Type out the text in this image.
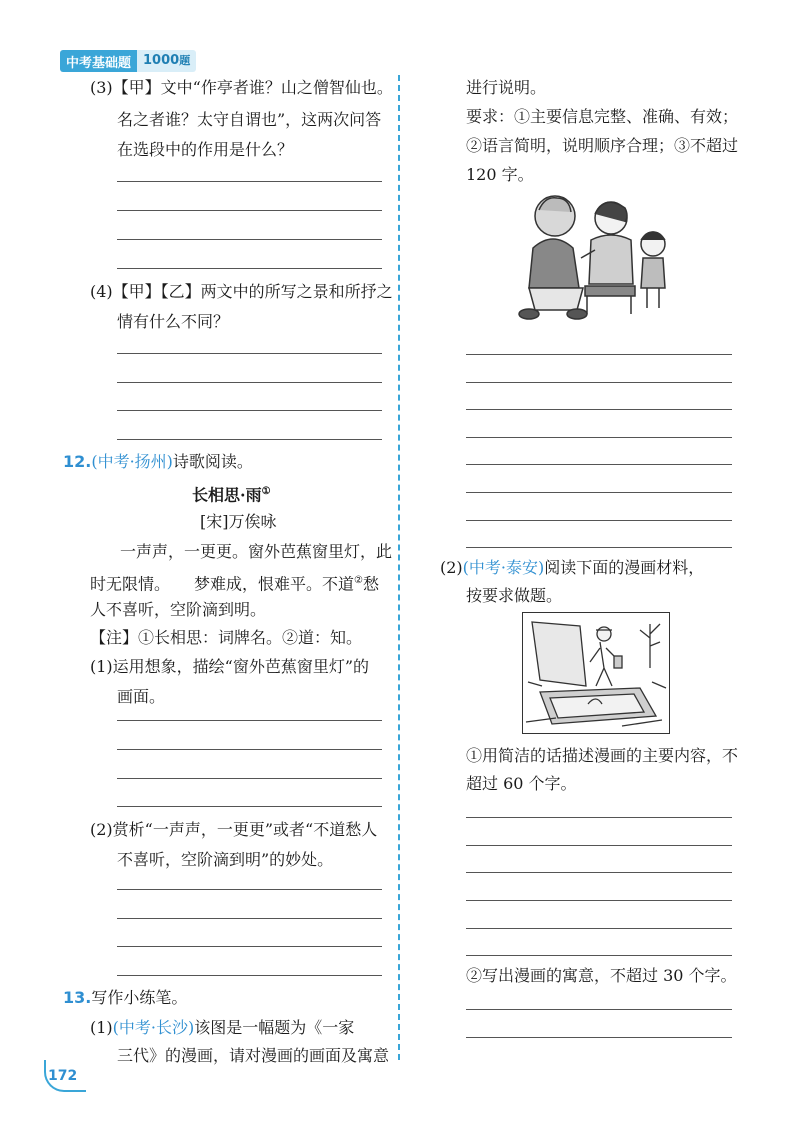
中考基础题 1000题
(3)【甲】文中“作亭者谁？山之僧智仙也。
名之者谁？太守自谓也”，这两次问答
在选段中的作用是什么？
(4)【甲】【乙】两文中的所写之景和所抒之
情有什么不同？
12.(中考·扬州)诗歌阅读。
长相思·雨①
[宋]万俟咏
一声声，一更更。窗外芭蕉窗里灯，此
时无限情。 梦难成，恨难平。不道②愁
人不喜听，空阶滴到明。
【注】①长相思：词牌名。②道：知。
(1)运用想象，描绘“窗外芭蕉窗里灯”的
画面。
(2)赏析“一声声，一更更”或者“不道愁人
不喜听，空阶滴到明”的妙处。
13.写作小练笔。
(1)(中考·长沙)该图是一幅题为《一家
三代》的漫画，请对漫画的画面及寓意
进行说明。
要求：①主要信息完整、准确、有效；
②语言简明，说明顺序合理；③不超过
120 字。
(2)(中考·泰安)阅读下面的漫画材料，
按要求做题。
①用简洁的话描述漫画的主要内容，不
超过 60 个字。
②写出漫画的寓意，不超过 30 个字。
172
